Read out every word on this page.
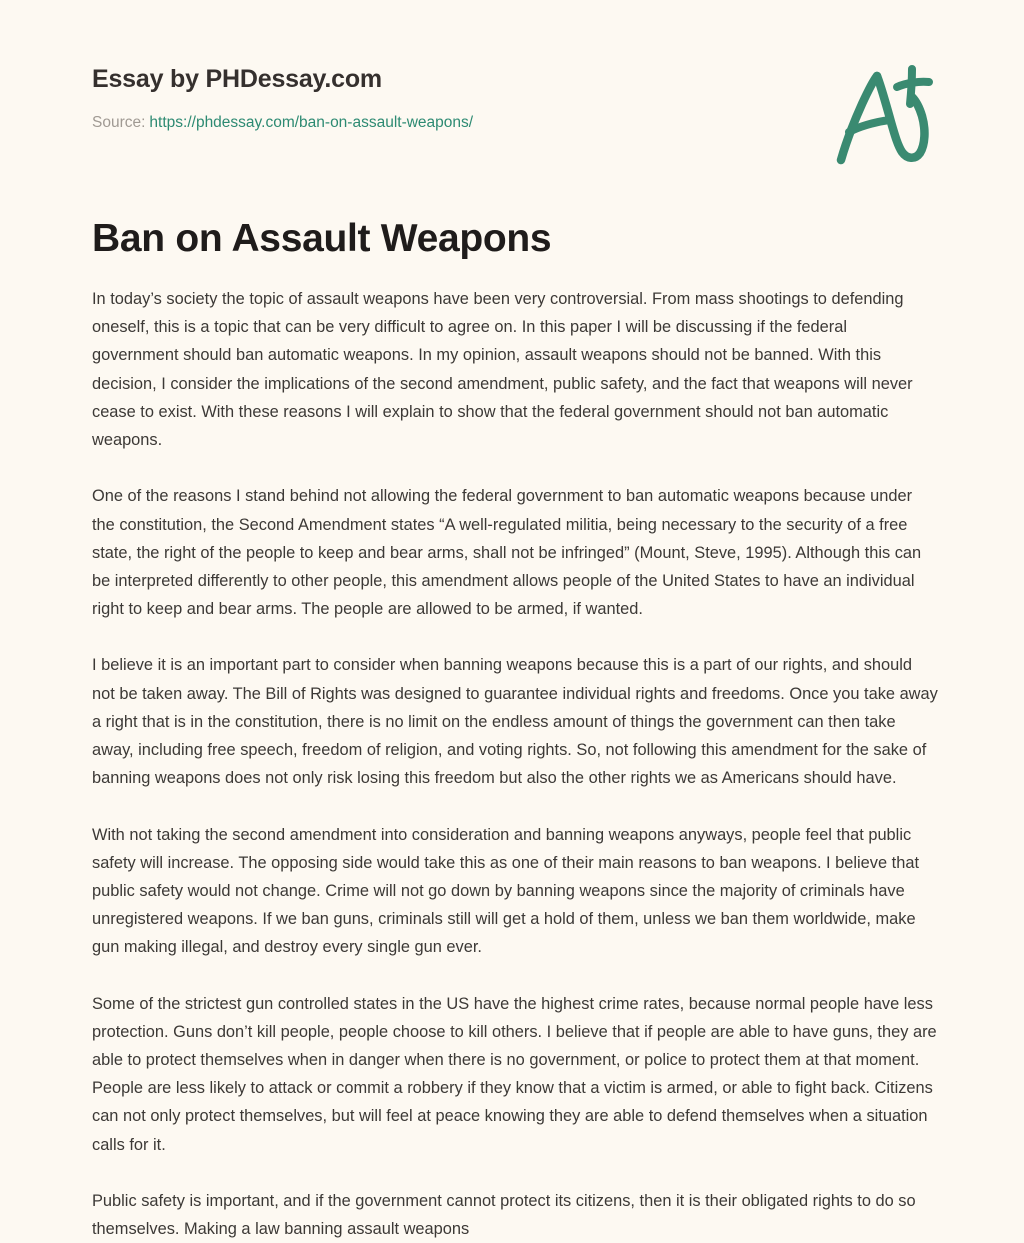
Essay by PHDessay.com
Source: https://phdessay.com/ban-on-assault-weapons/
Ban on Assault Weapons

In today’s society the topic of assault weapons have been very controversial. From mass shootings to defending oneself, this is a topic that can be very difficult to agree on. In this paper I will be discussing if the federal government should ban automatic weapons. In my opinion, assault weapons should not be banned. With this decision, I consider the implications of the second amendment, public safety, and the fact that weapons will never cease to exist. With these reasons I will explain to show that the federal government should not ban automatic weapons.

One of the reasons I stand behind not allowing the federal government to ban automatic weapons because under the constitution, the Second Amendment states “A well-regulated militia, being necessary to the security of a free state, the right of the people to keep and bear arms, shall not be infringed” (Mount, Steve, 1995). Although this can be interpreted differently to other people, this amendment allows people of the United States to have an individual right to keep and bear arms. The people are allowed to be armed, if wanted.

I believe it is an important part to consider when banning weapons because this is a part of our rights, and should not be taken away. The Bill of Rights was designed to guarantee individual rights and freedoms. Once you take away a right that is in the constitution, there is no limit on the endless amount of things the government can then take away, including free speech, freedom of religion, and voting rights. So, not following this amendment for the sake of banning weapons does not only risk losing this freedom but also the other rights we as Americans should have.

With not taking the second amendment into consideration and banning weapons anyways, people feel that public safety will increase. The opposing side would take this as one of their main reasons to ban weapons. I believe that public safety would not change. Crime will not go down by banning weapons since the majority of criminals have unregistered weapons. If we ban guns, criminals still will get a hold of them, unless we ban them worldwide, make gun making illegal, and destroy every single gun ever.

Some of the strictest gun controlled states in the US have the highest crime rates, because normal people have less protection. Guns don’t kill people, people choose to kill others. I believe that if people are able to have guns, they are able to protect themselves when in danger when there is no government, or police to protect them at that moment. People are less likely to attack or commit a robbery if they know that a victim is armed, or able to fight back. Citizens can not only protect themselves, but will feel at peace knowing they are able to defend themselves when a situation calls for it.

Public safety is important, and if the government cannot protect its citizens, then it is their obligated rights to do so themselves. Making a law banning assault weapons
